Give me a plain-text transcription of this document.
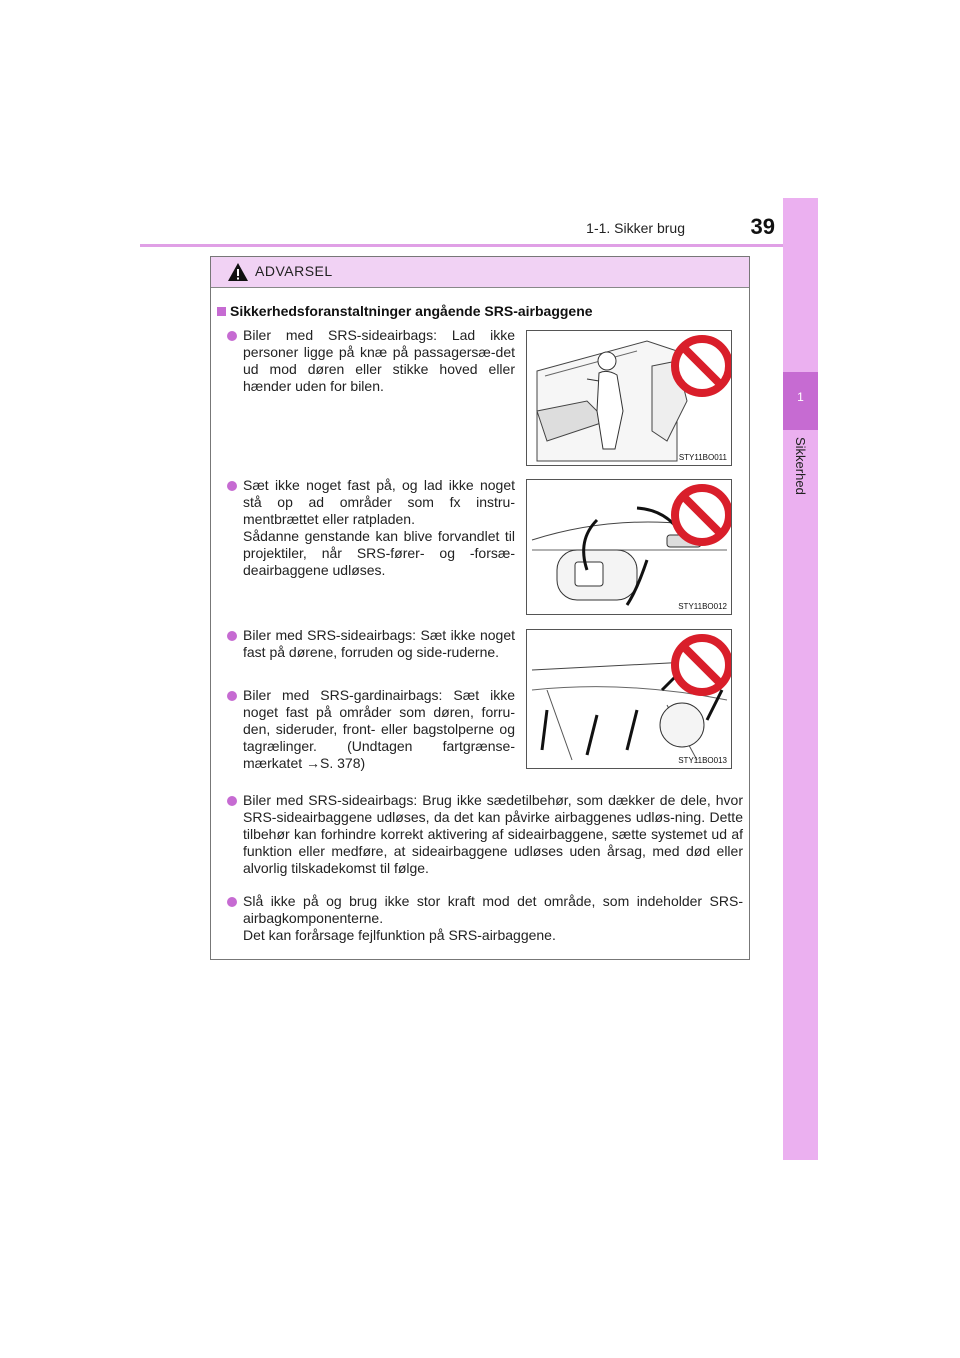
1-1. Sikker brug	39
1
Sikkerhed
ADVARSEL
Sikkerhedsforanstaltninger angående SRS-airbaggene

Biler med SRS-sideairbags: Lad ikke personer ligge på knæ på passagersæ-det ud mod døren eller stikke hoved eller hænder uden for bilen.

STY11BO011

Sæt ikke noget fast på, og lad ikke noget stå op ad områder som fx instru-mentbrættet eller ratpladen.

Sådanne genstande kan blive forvandlet til projektiler, når SRS-fører- og -forsæ-deairbaggene udløses.

STY11BO012

Biler med SRS-sideairbags: Sæt ikke noget fast på dørene, forruden og side-ruderne.

Biler med SRS-gardinairbags: Sæt ikke noget fast på områder som døren, forru-den, sideruder, front- eller bagstolperne og tagrælinger. (Undtagen fartgrænse-mærkatet →S. 378)	STY11BO013

Biler med SRS-sideairbags: Brug ikke sædetilbehør, som dækker de dele, hvor SRS-sideairbaggene udløses, da det kan påvirke airbaggenes udløs-ning. Dette tilbehør kan forhindre korrekt aktivering af sideairbaggene, sætte systemet ud af funktion eller medføre, at sideairbaggene udløses uden årsag, med død eller alvorlig tilskadekomst til følge.

Slå ikke på og brug ikke stor kraft mod det område, som indeholder SRS-airbagkomponenterne.

Det kan forårsage fejlfunktion på SRS-airbaggene.
